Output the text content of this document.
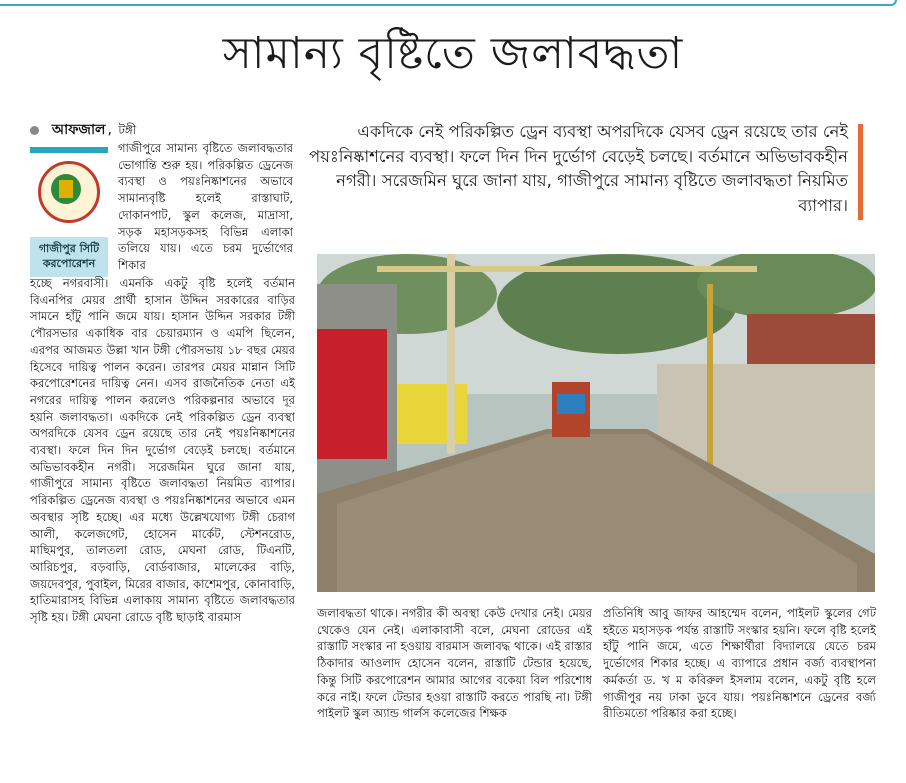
সামান্য বৃষ্টিতে জলাবদ্ধতা
আফজাল , টঙ্গী
গাজীপুর সিটি
করপোরেশন

গাজীপুরে সামান্য বৃষ্টিতে জলাবদ্ধতার ভোগান্তি শুরু হয়। পরিকল্পিত ড্রেনেজ ব্যবস্থা ও পয়ঃনিষ্কাশনের অভাবে সামান্যবৃষ্টি হলেই রাস্তাঘাট, দোকানপাট, স্কুল কলেজ, মাদ্রাসা, সড়ক মহাসড়কসহ বিভিন্ন এলাকা তলিয়ে যায়। এতে চরম দুর্ভোগের শিকার

হচ্ছে নগরবাসী। এমনকি একটু বৃষ্টি হলেই বর্তমান বিএনপির মেয়র প্রার্থী হাসান উদ্দিন সরকারের বাড়ির সামনে হাঁটু পানি জমে যায়। হাসান উদ্দিন সরকার টঙ্গী পৌরসভার একাধিক বার চেয়ারম্যান ও এমপি ছিলেন, এরপর আজমত উল্লা খান টঙ্গী পৌরসভায় ১৮ বছর মেয়র হিসেবে দায়িত্ব পালন করেন। তারপর মেয়র মান্নান সিটি করপোরেশনের দায়িত্ব নেন। এসব রাজনৈতিক নেতা এই নগরের দায়িত্ব পালন করলেও পরিকল্পনার অভাবে দূর হয়নি জলাবদ্ধতা। একদিকে নেই পরিকল্পিত ড্রেন ব্যবস্থা অপরদিকে যেসব ড্রেন রয়েছে তার নেই পয়ঃনিষ্কাশনের ব্যবস্থা। ফলে দিন দিন দুর্ভোগ বেড়েই চলছে। বর্তমানে অভিভাবকহীন নগরী। সরেজমিন ঘুরে জানা যায়, গাজীপুরে সামান্য বৃষ্টিতে জলাবদ্ধতা নিয়মিত ব্যাপার। পরিকল্পিত ড্রেনেজ ব্যবস্থা ও পয়ঃনিষ্কাশনের অভাবে এমন অবস্থার সৃষ্টি হচ্ছে। এর মধ্যে উল্লেখযোগ্য টঙ্গী চেরাগ আলী, কলেজগেট, হোসেন মার্কেট, স্টেশনরোড, মাছিমপুর, তালতলা রোড, মেঘনা রোড, টিএনটি, আরিচপুর, বড়বাড়ি, বোর্ডবাজার, মালেকের বাড়ি, জয়দেবপুর, পুবাইল, মিরের বাজার, কাশেমপুর, কোনাবাড়ি, হাতিমারাসহ বিভিন্ন এলাকায় সামান্য বৃষ্টিতে জলাবদ্ধতার সৃষ্টি হয়। টঙ্গী মেঘনা রোডে বৃষ্টি ছাড়াই বারমাস

একদিকে নেই পরিকল্পিত ড্রেন ব্যবস্থা অপরদিকে যেসব ড্রেন রয়েছে তার নেই পয়ঃনিষ্কাশনের ব্যবস্থা। ফলে দিন দিন দুর্ভোগ বেড়েই চলছে। বর্তমানে অভিভাবকহীন নগরী। সরেজমিন ঘুরে জানা যায়, গাজীপুরে সামান্য বৃষ্টিতে জলাবদ্ধতা নিয়মিত ব্যাপার।

জলাবদ্ধতা থাকে। নগরীর কী অবস্থা কেউ দেখার নেই। মেয়র থেকেও যেন নেই। এলাকাবাসী বলে, মেঘনা রোডের এই রাস্তাটি সংস্কার না হওয়ায় বারমাস জলাবদ্ধ থাকে। এই রাস্তার ঠিকাদার আওলাদ হোসেন বলেন, রাস্তাটি টেন্ডার হয়েছে, কিন্তু সিটি করপোরেশন আমার আগের বকেয়া বিল পরিশোধ করে নাই। ফলে টেন্ডার হওয়া রাস্তাটি করতে পারছি না। টঙ্গী পাইলট স্কুল অ্যান্ড গার্লস কলেজের শিক্ষক

প্রতিনিধি আবু জাফর আহম্মেদ বলেন, পাইলট স্কুলের গেট হইতে মহাসড়ক পর্যন্ত রাস্তাটি সংস্কার হয়নি। ফলে বৃষ্টি হলেই হাঁটু পানি জমে, এতে শিক্ষার্থীরা বিদ্যালয়ে যেতে চরম দুর্ভোগের শিকার হচ্ছে। এ ব্যাপারে প্রধান বর্জ্য ব্যবস্থাপনা কর্মকর্তা ড. খ ম কবিরুল ইসলাম বলেন, একটু বৃষ্টি হলে গাজীপুর নয় ঢাকা ডুবে যায়। পয়ঃনিষ্কাশনে ড্রেনের বর্জ্য রীতিমতো পরিষ্কার করা হচ্ছে।
